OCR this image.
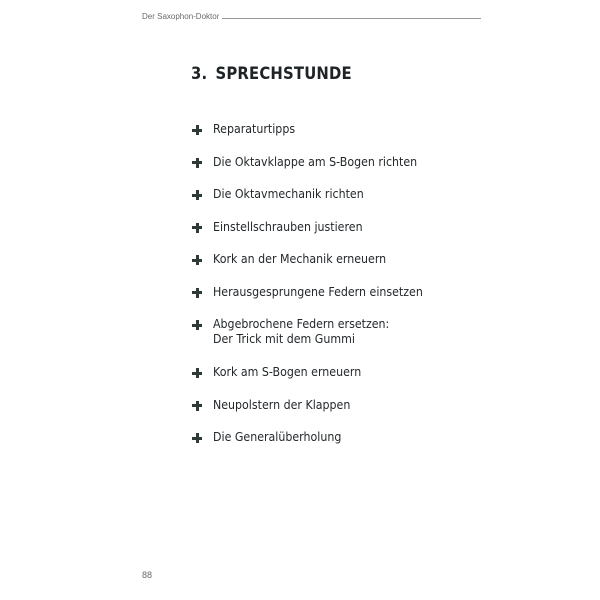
Der Saxophon-Doktor
3. SPRECHSTUNDE
Reparaturtipps
Die Oktavklappe am S-Bogen richten
Die Oktavmechanik richten
Einstellschrauben justieren
Kork an der Mechanik erneuern
Herausgesprungene Federn einsetzen
Abgebrochene Federn ersetzen:
Der Trick mit dem Gummi
Kork am S-Bogen erneuern
Neupolstern der Klappen
Die Generalüberholung
88
